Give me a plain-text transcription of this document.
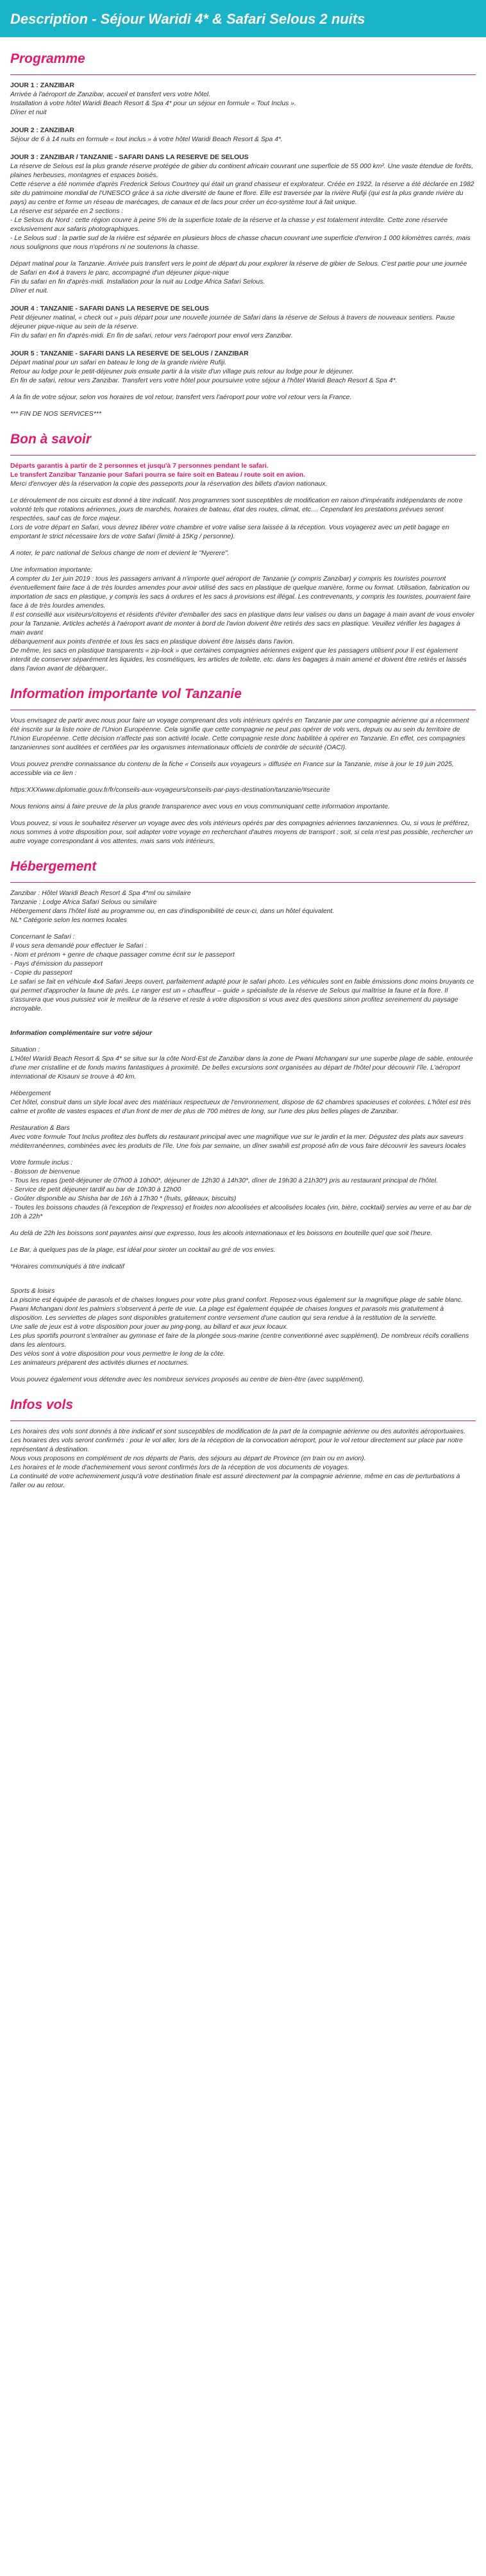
Description - Séjour Waridi 4* & Safari Selous 2 nuits
Programme
JOUR 1 : ZANZIBAR
Arrivée à l'aéroport de Zanzibar, accueil et transfert vers votre hôtel.
Installation à votre hôtel Waridi Beach Resort & Spa 4* pour un séjour en formule « Tout Inclus ».
Dîner et nuit
JOUR 2 : ZANZIBAR
Séjour de 6 à 14 nuits en formule « tout inclus » à votre hôtel Waridi Beach Resort & Spa 4*.
JOUR 3 : ZANZIBAR / TANZANIE - SAFARI DANS LA RESERVE DE SELOUS
La réserve de Selous est la plus grande réserve protégée de gibier du continent africain couvrant une superficie de 55 000 km². Une vaste étendue de forêts, plaines herbeuses, montagnes et espaces boisés.
Cette réserve a été nommée d'après Frederick Selous Courtney qui était un grand chasseur et explorateur. Créée en 1922, la réserve a été déclarée en 1982 site du patrimoine mondial de l'UNESCO grâce à sa riche diversité de faune et flore. Elle est traversée par la rivière Rufiji (qui est la plus grande rivière du pays) au centre et forme un réseau de marécages, de canaux et de lacs pour créer un éco-système tout à fait unique.
La réserve est séparée en 2 sections :
- Le Selous du Nord : cette région couvre à peine 5% de la superficie totale de la réserve et la chasse y est totalement interdite. Cette zone réservée exclusivement aux safaris photographiques.
- Le Selous sud : la partie sud de la rivière est séparée en plusieurs blocs de chasse chacun couvrant une superficie d'environ 1 000 kilomètres carrés, mais nous soulignons que nous n'opérons ni ne soutenons la chasse.
Départ matinal pour la Tanzanie. Arrivée puis transfert vers le point de départ du pour explorer la réserve de gibier de Selous. C'est partie pour une journée de Safari en 4x4 à travers le parc, accompagné d'un déjeuner pique-nique
Fin du safari en fin d'après-midi. Installation pour la nuit au Lodge Africa Safari Selous.
Dîner et nuit.
JOUR 4 : TANZANIE - SAFARI DANS LA RESERVE DE SELOUS
Petit déjeuner matinal, « check out » puis départ pour une nouvelle journée de Safari dans la réserve de Selous à travers de nouveaux sentiers. Pause déjeuner pique-nique au sein de la réserve.
Fin du safari en fin d'après-midi. En fin de safari, retour vers l'aéroport pour envol vers Zanzibar.
JOUR 5 : TANZANIE - SAFARI DANS LA RESERVE DE SELOUS / ZANZIBAR
Départ matinal pour un safari en bateau le long de la grande rivière Rufiji.
Retour au lodge pour le petit-déjeuner puis ensuite partir à la visite d'un village puis retour au lodge pour le déjeuner.
En fin de safari, retour vers Zanzibar. Transfert vers votre hôtel pour poursuivre votre séjour à l'hôtel Waridi Beach Resort & Spa 4*.
A la fin de votre séjour, selon vos horaires de vol retour, transfert vers l'aéroport pour votre vol retour vers la France.
*** FIN DE NOS SERVICES***
Bon à savoir
Départs garantis à partir de 2 personnes et jusqu'à 7 personnes pendant le safari.
Le transfert Zanzibar Tanzanie pour Safari pourra se faire soit en Bateau / route soit en avion.
Merci d'envoyer dès la réservation la copie des passeports pour la réservation des billets d'avion nationaux.
Le déroulement de nos circuits est donné à titre indicatif. Nos programmes sont susceptibles de modification en raison d'impératifs indépendants de notre volonté tels que rotations aériennes, jours de marchés, horaires de bateau, état des routes, climat, etc.... Cependant les prestations prévues seront respectées, sauf cas de force majeur.
Lors de votre départ en Safari, vous devrez libérer votre chambre et votre valise sera laissée à la réception. Vous voyagerez avec un petit bagage en emportant le strict nécessaire lors de votre Safari (limité à 15Kg / personne).
A noter, le parc national de Selous change de nom et devient le "Nyerere".
Une information importante:
A compter du 1er juin 2019 : tous les passagers arrivant à n'importe quel aéroport de Tanzanie (y compris Zanzibar) y compris les touristes pourront éventuellement faire face à de très lourdes amendes pour avoir utilisé des sacs en plastique de quelque manière, forme ou format. Utilisation, fabrication ou importation de sacs en plastique, y compris les sacs à ordures et les sacs à provisions est illégal. Les contrevenants, y compris les touristes, pourraient faire face à de très lourdes amendes.
Il est conseillé aux visiteurs/citoyens et résidents d'éviter d'emballer des sacs en plastique dans leur valises ou dans un bagage à main avant de vous envoler pour la Tanzanie. Articles achetés à l'aéroport avant de monter à bord de l'avion doivent être retirés des sacs en plastique. Veuillez vérifier les bagages à main avant
débarquement aux points d'entrée et tous les sacs en plastique doivent être laissés dans l'avion.
De même, les sacs en plastique transparents « zip-lock » que certaines compagnies aériennes exigent que les passagers utilisent pour lí est également interdit de conserver séparément les liquides, les cosmétiques, les articles de toilette, etc. dans les bagages à main amené et doivent être retirés et laissés dans l'avion avant de débarquer..
Information importante vol Tanzanie
Vous envisagez de partir avec nous pour faire un voyage comprenant des vols intérieurs opérés en Tanzanie par une compagnie aérienne qui a récemment été inscrite sur la liste noire de l'Union Européenne. Cela signifie que cette compagnie ne peut pas opérer de vols vers, depuis ou au sein du territoire de l'Union Européenne. Cette décision n'affecte pas son activité locale. Cette compagnie reste donc habilitée à opérer en Tanzanie. En effet, ces compagnies tanzaniennes sont auditées et certifiées par les organismes internationaux officiels de contrôle de sécurité (OACI).
Vous pouvez prendre connaissance du contenu de la fiche « Conseils aux voyageurs » diffusée en France sur la Tanzanie, mise à jour le 19 juin 2025, accessible via ce lien :
https:XXXwww.diplomatie.gouv.fr/fr/conseils-aux-voyageurs/conseils-par-pays-destination/tanzanie/#securite
Nous tenions ainsi à faire preuve de la plus grande transparence avec vous en vous communiquant cette information importante.
Vous pouvez, si vous le souhaitez réserver un voyage avec des vols intérieurs opérés par des compagnies aériennes tanzaniennes. Ou, si vous le préférez, nous sommes à votre disposition pour, soit adapter votre voyage en recherchant d'autres moyens de transport ; soit, si cela n'est pas possible, rechercher un autre voyage correspondant à vos attentes, mais sans vols intérieurs.
Hébergement
Zanzibar : Hôtel Waridi Beach Resort & Spa 4*ml ou similaire
Tanzanie : Lodge Africa Safari Selous ou similaire
Hébergement dans l'hôtel listé au programme ou, en cas d'indisponibilité de ceux-ci, dans un hôtel équivalent.
NL* Catégorie selon les normes locales
Concernant le Safari :
Il vous sera demandé pour effectuer le Safari :
- Nom et prénom + genre de chaque passager comme écrit sur le passeport
- Pays d'émission du passeport
- Copie du passeport
Le safari se fait en véhicule 4x4 Safari Jeeps ouvert, parfaitement adapté pour le safari photo. Les véhicules sont en faible émissions donc moins bruyants ce qui permet d'approcher la faune de près. Le ranger est un « chauffeur – guide » spécialiste de la réserve de Selous qui maîtrise la faune et la flore. Il s'assurera que vous puissiez voir le meilleur de la réserve et reste à votre disposition si vous avez des questions sinon profitez sereinement du paysage incroyable.
Information complémentaire sur votre séjour
Situation :
L'Hôtel Waridi Beach Resort & Spa 4* se situe sur la côte Nord-Est de Zanzibar dans la zone de Pwani Mchangani sur une superbe plage de sable, entourée d'une mer cristalline et de fonds marins fantastiques à proximité. De belles excursions sont organisées au départ de l'hôtel pour découvrir l'île. L'aéroport international de Kisauni se trouve à 40 km.
Hébergement
Cet hôtel, construit dans un style local avec des matériaux respectueux de l'environnement, dispose de 62 chambres spacieuses et colorées. L'hôtel est très calme et profite de vastes espaces et d'un front de mer de plus de 700 mètres de long, sur l'une des plus belles plages de Zanzibar.
Restauration & Bars
Avec votre formule Tout Inclus profitez des buffets du restaurant principal avec une magnifique vue sur le jardin et la mer. Dégustez des plats aux saveurs méditerranéennes, combinées avec les produits de l'île. Une fois par semaine, un dîner swahili est proposé afin de vous faire découvrir les saveurs locales
Votre formule inclus :
- Boisson de bienvenue
- Tous les repas (petit-déjeuner de 07h00 à 10h00*, déjeuner de 12h30 à 14h30*, dîner de 19h30 à 21h30*) pris au restaurant principal de l'hôtel.
- Service de petit déjeuner tardif au bar de 10h30 à 12h00
- Goûter disponible au Shisha bar de 16h à 17h30 * (fruits, gâteaux, biscuits)
- Toutes les boissons chaudes (à l'exception de l'expresso) et froides non alcoolisées et alcoolisées locales (vin, bière, cocktail) servies au verre et au bar de 10h à 22h*
Au delà de 22h les boissons sont payantes ainsi que expresso, tous les alcools internationaux et les boissons en bouteille quel que soit l'heure.
Le Bar, à quelques pas de la plage, est idéal pour siroter un cocktail au gré de vos envies.
*Horaires communiqués à titre indicatif
Sports & loisirs
La piscine est équipée de parasols et de chaises longues pour votre plus grand confort. Reposez-vous également sur la magnifique plage de sable blanc. Pwani Mchangani dont les palmiers s'observent à perte de vue. La plage est également équipée de chaises longues et parasols mis gratuitement à disposition. Les serviettes de plages sont disponibles gratuitement contre versement d'une caution qui sera rendue à la restitution de la serviette.
Une salle de jeux est à votre disposition pour jouer au ping-pong, au billard et aux jeux locaux.
Les plus sportifs pourront s'entraîner au gymnase et faire de la plongée sous-marine (centre conventionné avec supplément). De nombreux récifs coralliens dans les alentours.
Des vélos sont à votre disposition pour vous permettre le long de la côte.
Les animateurs préparent des activités diurnes et nocturnes.
Vous pouvez également vous détendre avec les nombreux services proposés au centre de bien-être (avec supplément).
Infos vols
Les horaires des vols sont donnés à titre indicatif et sont susceptibles de modification de la part de la compagnie aérienne ou des autorités aéroportuaires.
Les horaires des vols seront confirmés : pour le vol aller, lors de la réception de la convocation aéroport, pour le vol retour directement sur place par notre représentant à destination.
Nous vous proposons en complément de nos départs de Paris, des séjours au départ de Province (en train ou en avion).
Les horaires et le mode d'acheminement vous seront confirmés lors de la réception de vos documents de voyages.
La continuité de votre acheminement jusqu'à votre destination finale est assuré directement par la compagnie aérienne, même en cas de perturbations à l'aller ou au retour.
